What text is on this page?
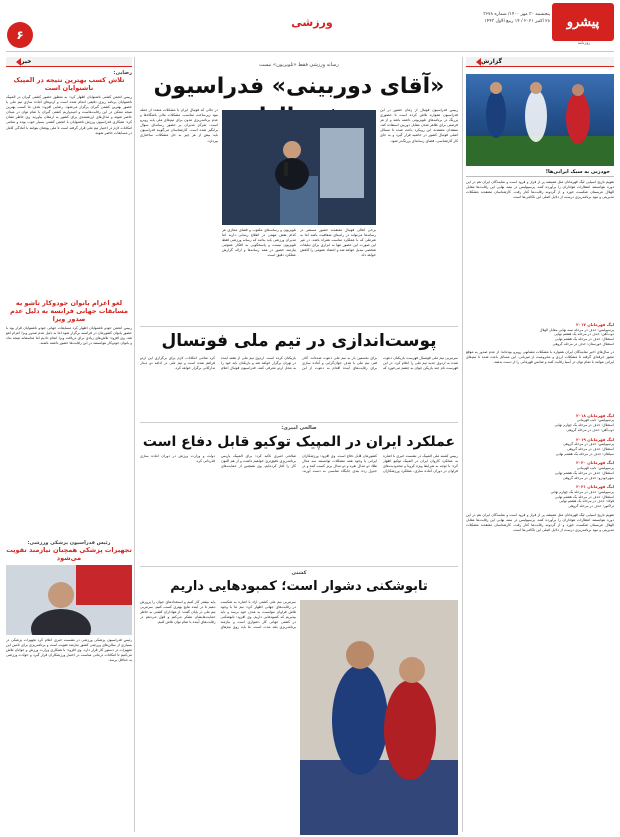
۶
ورزشی	پیشرو
روزنامه
پنجشنبه ۳۰ مهر ۱۴۰۰/ شماره ۳۶۷۸
۲۸ اکتبر ۲۰۲۱ / ۱۴ ربیع الاول ۱۴۴۳
گزارش
خبر
خودزنی به سبک ایرانی‌ها!
تقویم تاریخ آسیایی لیگ قهرمانان مثل همیشه پر از فراز و فرود است و نمایندگان ایران هم در این دوره نتوانستند انتظارات هواداران را برآورده کنند. پرسپولیس در نیمه نهایی این رقابت‌ها مقابل الهلال عربستان شکست خورد و از گردونه رقابت‌ها کنار رفت. کارشناسان معتقدند مشکلات مدیریتی و نبود برنامه‌ریزی درست از دلایل اصلی این ناکامی‌ها است.
لیگ قهرمانان ۲۰۱۷
پرسپولیس: حذف در مرحله نیمه نهایی مقابل الهلال
ذوب‌آهن: حذف در مرحله یک هشتم نهایی
استقلال: حذف در مرحله یک هشتم نهایی
استقلال خوزستان: حذف در مرحله گروهی
در سال‌های اخیر نمایندگان ایران همواره با مشکلات مشابهی روبرو بوده‌اند؛ از عدم صدور به موقع مجوز حرفه‌ای گرفته تا مشکلات ارزی و محرومیت از میزبانی. این مسائل باعث شده تا تیم‌های ایرانی نتوانند با تمام توان در آسیا رقابت کنند و شانس قهرمانی را از دست بدهند.
لیگ قهرمانان ۲۰۱۸
پرسپولیس: نایب قهرمانی
استقلال: حذف در مرحله یک چهارم نهایی
ذوب‌آهن: حذف در مرحله گروهی
لیگ قهرمانان ۲۰۱۹
پرسپولیس: حذف در مرحله گروهی
استقلال: حذف در مرحله گروهی
سپاهان: حذف در مرحله یک هشتم نهایی
لیگ قهرمانان ۲۰۲۰
پرسپولیس: نایب قهرمانی
استقلال: حذف در مرحله یک هشتم نهایی
شهرخودرو: حذف در مرحله گروهی
لیگ قهرمانان ۲۰۲۱
پرسپولیس: حذف در مرحله یک چهارم نهایی
استقلال: حذف در مرحله یک هشتم نهایی
فولاد: حذف در مرحله یک هشتم نهایی
تراکتور: حذف در مرحله گروهی
تقویم تاریخ آسیایی لیگ قهرمانان مثل همیشه پر از فراز و فرود است و نمایندگان ایران هم در این دوره نتوانستند انتظارات هواداران را برآورده کنند. پرسپولیس در نیمه نهایی این رقابت‌ها مقابل الهلال عربستان شکست خورد و از گردونه رقابت‌ها کنار رفت. کارشناسان معتقدند مشکلات مدیریتی و نبود برنامه‌ریزی درست از دلایل اصلی این ناکامی‌ها است.
رضایی:
تلاش کسب بهترین نتیجه در المپیک ناشنوایان است
رییس انجمن کشتی ناشنوایان اظهار کرد: به منظور حضور کشتی گیران در المپیک ناشنوایان برنامه ریزی دقیقی انجام شده است و اردوهای آماده سازی تیم ملی با حضور بهترین کشتی گیران برگزار می‌شود. رضایی افزود: هدف ما کسب بهترین نتیجه ممکن در این رقابت‌هاست و امیدواریم کشتی گیران با تمام توان در میدان حاضر شوند و مدال‌های ارزشمندی برای کشور به ارمغان بیاورند. وی خاطر نشان کرد: همکاری فدراسیون ورزش ناشنوایان با انجمن کشتی بسیار خوب بوده و تمامی امکانات لازم در اختیار تیم ملی قرار گرفته است تا ملی پوشان بتوانند با آمادگی کامل در مسابقات حاضر شوند.
لغو اعزام بانوان جودوکار تاشو به مسابقات جهانی فرانسه به دلیل عدم صدور ویزا
رییس انجمن جودو ناشنوایان اظهار کرد مسابقات جهانی جودو ناشنوایان قرار بود با حضور بانوان کشورمان در فرانسه برگزار شود اما به دلیل عدم صدور ویزا اعزام لغو شد. وی افزود: تلاش‌های زیادی برای دریافت ویزا انجام دادیم اما متاسفانه نتیجه نداد و بانوان جودوکار نتوانستند در این رقابت‌ها حضور داشته باشند.
رئیس فدراسیون پزشکی ورزشی:
تجهیزات پزشکی همچنان نیازمند تقویت می‌شود
رئیس فدراسیون پزشکی ورزشی در نشست خبری اعلام کرد تجهیزات پزشکی در بسیاری از سالن‌های ورزشی کشور نیازمند تقویت است و برنامه‌ریزی برای تامین این تجهیزات در دستور کار قرار دارد. وی افزود: با همکاری وزارت ورزش و جوانان تلاش می‌کنیم تا امکانات درمانی مناسب در اختیار ورزشکاران قرار گیرد و حوادث ورزشی به حداقل برسد.
رسانه ورزشی فقط «تلویزیون» نیست
«آقای دوربینی» فدراسیون
رییس فدراسیون فوتبال از زمان حضور در این فدراسیون همواره تلاش کرده است تا حضوری پررنگ در برنامه‌های تلویزیونی داشته باشد و از هر فرصتی برای ظاهر شدن مقابل دوربین استفاده کند. منتقدان معتقدند این رویکرد باعث شده تا مسائل اصلی فوتبال کشور در حاشیه قرار گیرد و به جای کار کارشناسی، فضای رسانه‌ای پررنگ‌تر شود.
در حالی که فوتبال ایران با مشکلات متعدد از جمله نبود زیرساخت مناسب، مشکلات مالی باشگاه‌ها و عدم برنامه‌ریزی مدون برای تیم‌های ملی پایه روبرو است، تمرکز مدیران بر حضور رسانه‌ای سوال برانگیز شده است. کارشناسان می‌گویند فدراسیون باید بیش از هر چیز به حل مشکلات ساختاری بپردازد.
برخی اهالی فوتبال معتقدند حضور مستمر در رسانه‌ها می‌تواند در راستای شفافیت باشد اما به شرطی که با عملکرد مناسب همراه باشد. در غیر این صورت این حضور تنها به ابزاری برای تبلیغات شخصی تبدیل خواهد شد و اعتماد عمومی را کاهش خواهد داد.
تلویزیون و رسانه‌های مکتوب و فضای مجازی هر کدام نقش مهمی در اطلاع رسانی دارند اما مدیران ورزشی باید بدانند که رسانه ورزشی فقط تلویزیون نیست و پاسخگویی به افکار عمومی نیازمند حضور در همه رسانه‌ها و ارائه گزارش عملکرد دقیق است.
پوست‌اندازی در تیم ملی فوتسال
سرمربی تیم ملی فوتسال فهرست بازیکنان دعوت شده به اردوی جدید تیم ملی را اعلام کرد. در این فهرست نام چند بازیکن جوان به چشم می‌خورد که برای نخستین بار به تیم ملی دعوت شده‌اند. کادر فنی تیم ملی با هدف جوان‌گرایی و آماده سازی برای رقابت‌های آینده اقدام به دعوت از این بازیکنان کرده است. اردوی تیم ملی از هفته آینده در تهران برگزار خواهد شد و بازیکنان باید خود را به محل اردو معرفی کنند. فدراسیون فوتبال اعلام کرد تمامی امکانات لازم برای برگزاری این اردو فراهم شده است و تیم ملی در ادامه دو دیدار تدارکاتی برگزار خواهد کرد.
صالحی امیری:
عملکرد ایران در المپیک توکیو قابل دفاع است
رییس کمیته ملی المپیک در نشست خبری با اشاره به عملکرد کاروان ایران در المپیک توکیو اظهار کرد: با توجه به شرایط ویژه کرونا و محدودیت‌های فراوان در دوران آماده سازی، عملکرد ورزشکاران کشورمان قابل دفاع است. وی افزود: ورزشکاران ایرانی با وجود همه مشکلات توانستند سه مدال طلا، دو مدال نقره و دو مدال برنز کسب کنند و در جدول رده بندی جایگاه مناسبی به دست آورند. صالحی امیری تاکید کرد: برای المپیک پاریس برنامه‌ریزی دقیق‌تری خواهیم داشت و از هم اکنون کار را آغاز کرده‌ایم. وی همچنین از حمایت‌های دولت و وزارت ورزش در دوران آماده سازی قدردانی کرد.
کشتی
تابوشکنی دشوار است؛ کمبودهایی داریم
سرمربی تیم ملی کشتی آزاد با اشاره به شکست در رقابت‌های جهانی اظهار کرد: تیم ما با وجود تلاش فراوان نتوانست به هدف خود برسد و باید بپذیریم که کمبودهایی داریم. وی افزود: تابوشکنی در کشتی جهانی کار دشواری است و نیازمند برنامه‌ریزی بلند مدت است. ما باید روی تیم‌های پایه بیشتر کار کنیم و استعدادهای جوان را پرورش دهیم تا در آینده نتایج بهتری کسب کنیم. سرمربی تیم ملی در پایان گفت: از هواداران کشتی به خاطر حمایت‌هایشان تشکر می‌کنم و قول می‌دهم در رقابت‌های آینده با تمام توان تلاش کنیم.
